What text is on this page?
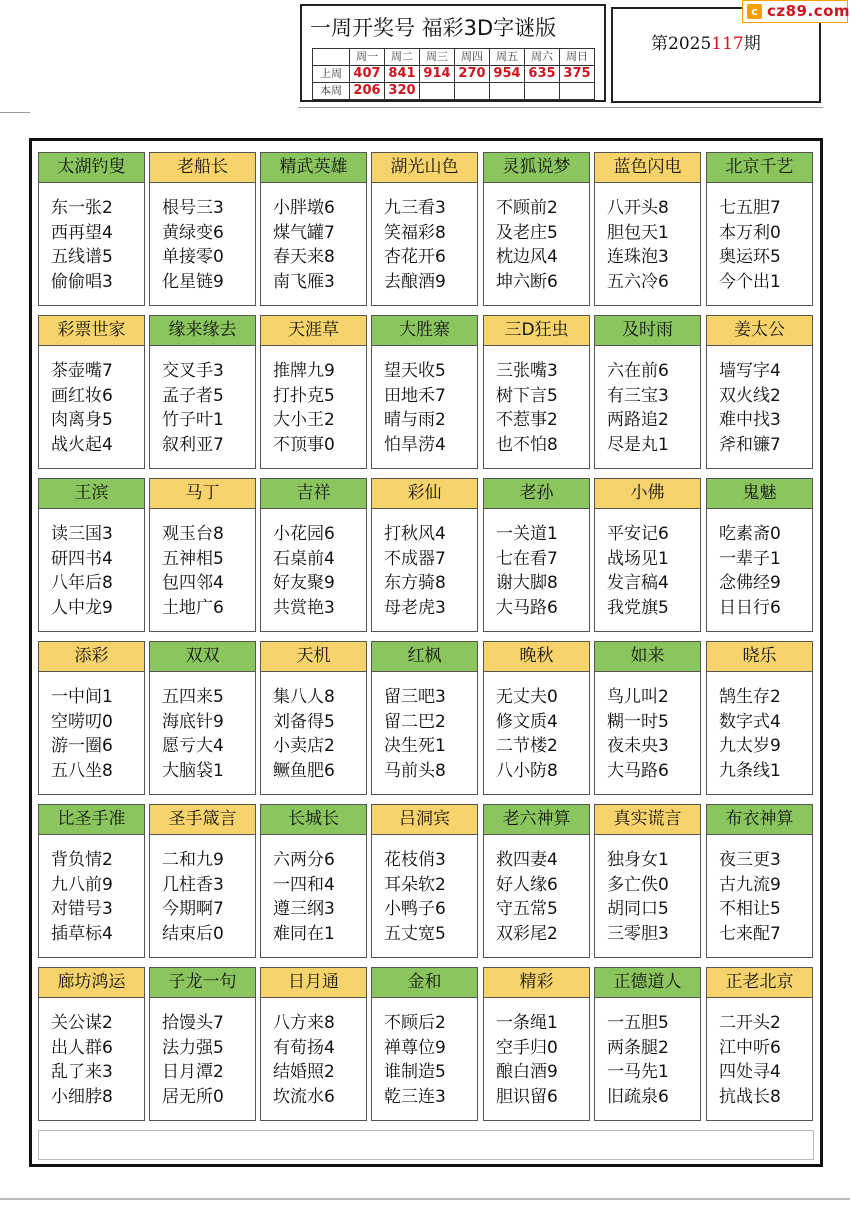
一周开奖号 福彩3D字谜版
	周一	周二	周三	周四	周五	周六	周日
上周	407	841	914	270	954	635	375
本周	206	320					
第2025117期
c cz89.com
太湖钓叟
东一张2
西再望4
五线谱5
偷偷唱3
老船长
根号三3
黄绿变6
单接零0
化星链9
精武英雄
小胖墩6
煤气罐7
春天来8
南飞雁3
湖光山色
九三看3
笑福彩8
杏花开6
去酿酒9
灵狐说梦
不顾前2
及老庄5
枕边风4
坤六断6
蓝色闪电
八开头8
胆包天1
连珠泡3
五六冷6
北京千艺
七五胆7
本万利0
奥运环5
今个出1
彩票世家
茶壶嘴7
画红妆6
肉离身5
战火起4
缘来缘去
交叉手3
孟子者5
竹子叶1
叙利亚7
天涯草
推牌九9
打扑克5
大小王2
不顶事0
大胜寨
望天收5
田地禾7
晴与雨2
怕旱涝4
三D狂虫
三张嘴3
树下言5
不惹事2
也不怕8
及时雨
六在前6
有三宝3
两路追2
尽是丸1
姜太公
墙写字4
双火线2
难中找3
斧和镰7
王滨
读三国3
研四书4
八年后8
人中龙9
马丁
观玉台8
五神相5
包四邻4
土地广6
吉祥
小花园6
石桌前4
好友聚9
共赏艳3
彩仙
打秋风4
不成器7
东方骑8
母老虎3
老孙
一关道1
七在看7
谢大脚8
大马路6
小佛
平安记6
战场见1
发言稿4
我党旗5
鬼魅
吃素斋0
一辈子1
念佛经9
日日行6
添彩
一中间1
空唠叨0
游一圈6
五八坐8
双双
五四来5
海底针9
愿亏大4
大脑袋1
天机
集八人8
刘备得5
小卖店2
鳜鱼肥6
红枫
留三吧3
留二巴2
决生死1
马前头8
晚秋
无丈夫0
修文质4
二节楼2
八小防8
如来
鸟儿叫2
糊一时5
夜未央3
大马路6
晓乐
鹄生存2
数字式4
九太岁9
九条线1
比圣手准
背负情2
九八前9
对错号3
插草标4
圣手箴言
二和九9
几柱香3
今期啊7
结束后0
长城长
六两分6
一四和4
遵三纲3
难同在1
吕洞宾
花枝俏3
耳朵软2
小鸭子6
五丈宽5
老六神算
救四妻4
好人缘6
守五常5
双彩尾2
真实谎言
独身女1
多亡佚0
胡同口5
三零胆3
布衣神算
夜三更3
古九流9
不相让5
七来配7
廊坊鸿运
关公谋2
出人群6
乱了来3
小细脖8
子龙一句
拾馒头7
法力强5
日月潭2
居无所0
日月通
八方来8
有荀扬4
结婚照2
坎流水6
金和
不顾后2
禅尊位9
谁制造5
乾三连3
精彩
一条绳1
空手归0
酿白酒9
胆识留6
正德道人
一五胆5
两条腿2
一马先1
旧疏泉6
正老北京
二开头2
江中听6
四处寻4
抗战长8
